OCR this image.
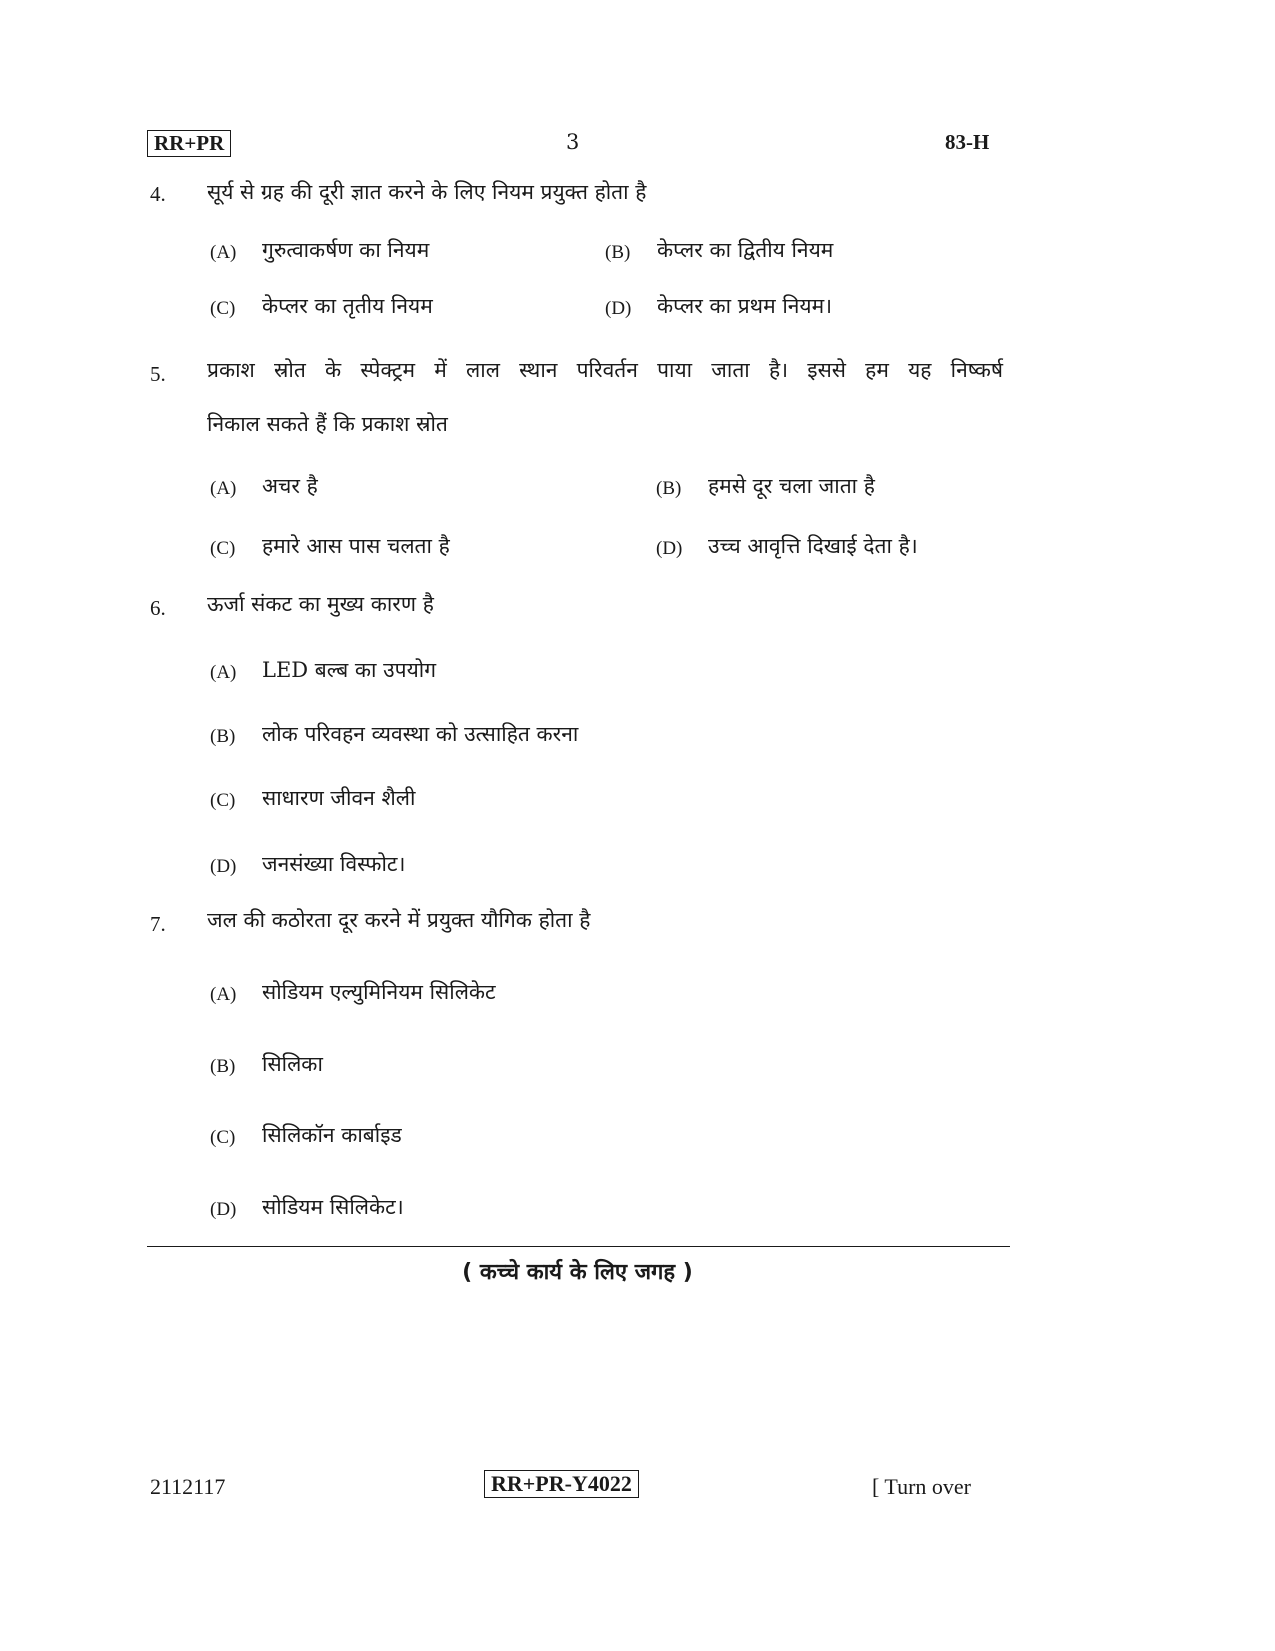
RR+PR	3	83-H
4. सूर्य से ग्रह की दूरी ज्ञात करने के लिए नियम प्रयुक्त होता है
(A) गुरुत्वाकर्षण का नियम	(B) केप्लर का द्वितीय नियम
(C) केप्लर का तृतीय नियम	(D) केप्लर का प्रथम नियम।
5. प्रकाश स्रोत के स्पेक्ट्रम में लाल स्थान परिवर्तन पाया जाता है। इससे हम यह निष्कर्ष
निकाल सकते हैं कि प्रकाश स्रोत
(A) अचर है	(B) हमसे दूर चला जाता है
(C) हमारे आस पास चलता है	(D) उच्च आवृत्ति दिखाई देता है।
6. ऊर्जा संकट का मुख्य कारण है
(A) LED बल्ब का उपयोग
(B) लोक परिवहन व्यवस्था को उत्साहित करना
(C) साधारण जीवन शैली
(D) जनसंख्या विस्फोट।
7. जल की कठोरता दूर करने में प्रयुक्त यौगिक होता है
(A) सोडियम एल्युमिनियम सिलिकेट
(B) सिलिका
(C) सिलिकॉन कार्बाइड
(D) सोडियम सिलिकेट।
( कच्चे कार्य के लिए जगह )
2112117	RR+PR-Y4022	[ Turn over
